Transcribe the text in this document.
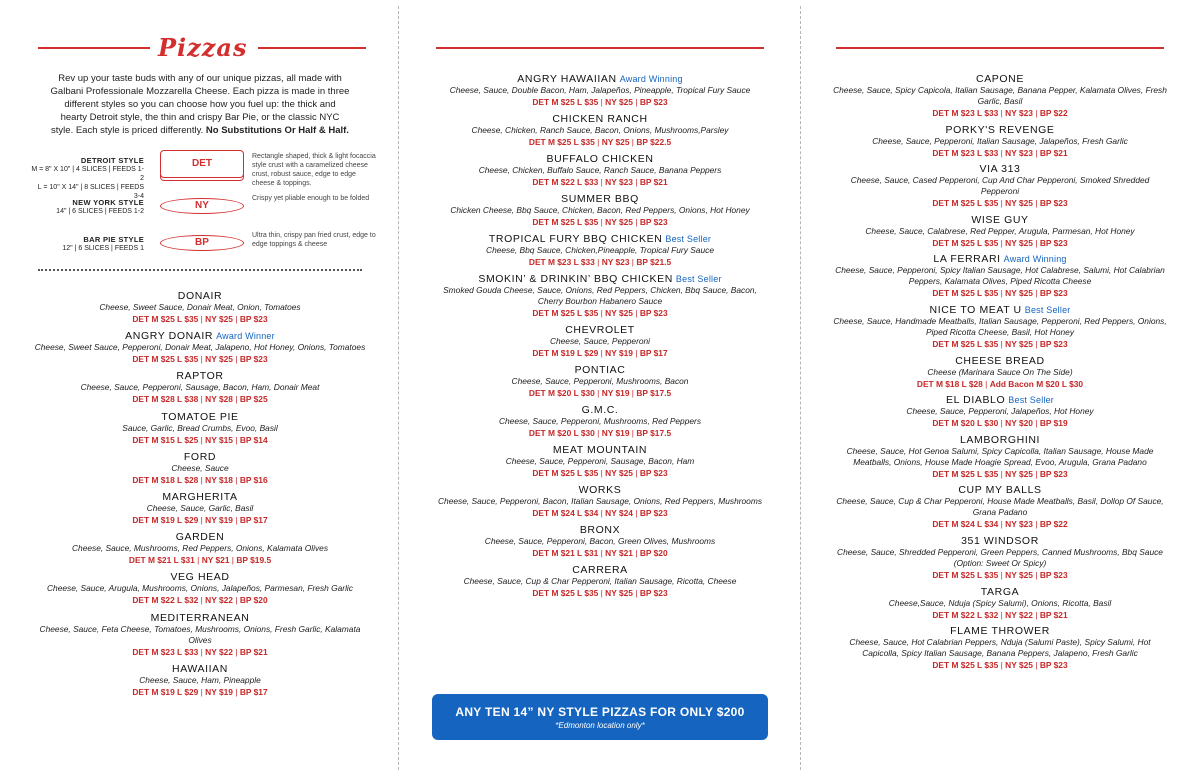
Pizzas
Rev up your taste buds with any of our unique pizzas, all made with Galbani Professionale Mozzarella Cheese. Each pizza is made in three different styles so you can choose how you fuel up: the thick and hearty Detroit style, the thin and crispy Bar Pie, or the classic NYC style. Each style is priced differently. No Substitutions Or Half & Half.
DETROIT STYLE
M = 8" X 10" | 4 SLICES | FEEDS 1-2
L = 10" X 14" | 8 SLICES | FEEDS 3-4
DET
Rectangle shaped, thick & light focaccia style crust with a caramelized cheese crust, robust sauce, edge to edge cheese & toppings.
NEW YORK STYLE
14" | 6 SLICES | FEEDS 1-2
NY
Crispy yet pliable enough to be folded
BAR PIE STYLE
12" | 6 SLICES | FEEDS 1
BP
Ultra thin, crispy pan fried crust, edge to edge toppings & cheese
DONAIR
Cheese, Sweet Sauce, Donair Meat, Onion, Tomatoes
DET M $25 L $35 | NY $25 | BP $23
ANGRY DONAIR Award Winner
Cheese, Sweet Sauce, Pepperoni, Donair Meat, Jalapeno, Hot Honey, Onions, Tomatoes
DET M $25 L $35 | NY $25 | BP $23
RAPTOR
Cheese, Sauce, Pepperoni, Sausage, Bacon, Ham, Donair Meat
DET M $28 L $38 | NY $28 | BP $25
TOMATOE PIE
Sauce, Garlic, Bread Crumbs, Evoo, Basil
DET M $15 L $25 | NY $15 | BP $14
FORD
Cheese, Sauce
DET M $18 L $28 | NY $18 | BP $16
MARGHERITA
Cheese, Sauce, Garlic, Basil
DET M $19 L $29 | NY $19 | BP $17
GARDEN
Cheese, Sauce, Mushrooms, Red Peppers, Onions, Kalamata Olives
DET M $21 L $31 | NY $21 | BP $19.5
VEG HEAD
Cheese, Sauce, Arugula, Mushrooms, Onions, Jalapeños, Parmesan, Fresh Garlic
DET M $22 L $32 | NY $22 | BP $20
MEDITERRANEAN
Cheese, Sauce, Feta Cheese, Tomatoes, Mushrooms, Onions, Fresh Garlic, Kalamata Olives
DET M $23 L $33 | NY $22 | BP $21
HAWAIIAN
Cheese, Sauce, Ham, Pineapple
DET M $19 L $29 | NY $19 | BP $17
ANGRY HAWAIIAN Award Winning
Cheese, Sauce, Double Bacon, Ham, Jalapeños, Pineapple, Tropical Fury Sauce
DET M $25 L $35 | NY $25 | BP $23
CHICKEN RANCH
Cheese, Chicken, Ranch Sauce, Bacon, Onions, Mushrooms,Parsley
DET M $25 L $35 | NY $25 | BP $22.5
BUFFALO CHICKEN
Cheese, Chicken, Buffalo Sauce, Ranch Sauce, Banana Peppers
DET M $22 L $33 | NY $23 | BP $21
SUMMER BBQ
Chicken Cheese, Bbq Sauce, Chicken, Bacon, Red Peppers, Onions, Hot Honey
DET M $25 L $35 | NY $25 | BP $23
TROPICAL FURY BBQ CHICKEN Best Seller
Cheese, Bbq Sauce, Chicken,Pineapple, Tropical Fury Sauce
DET M $23 L $33 | NY $23 | BP $21.5
SMOKIN’ & DRINKIN’ BBQ CHICKEN Best Seller
Smoked Gouda Cheese, Sauce, Onions, Red Peppers, Chicken, Bbq Sauce, Bacon, Cherry Bourbon Habanero Sauce
DET M $25 L $35 | NY $25 | BP $23
CHEVROLET
Cheese, Sauce, Pepperoni
DET M $19 L $29 | NY $19 | BP $17
PONTIAC
Cheese, Sauce, Pepperoni, Mushrooms, Bacon
DET M $20 L $30 | NY $19 | BP $17.5
G.M.C.
Cheese, Sauce, Pepperoni, Mushrooms, Red Peppers
DET M $20 L $30 | NY $19 | BP $17.5
MEAT MOUNTAIN
Cheese, Sauce, Pepperoni, Sausage, Bacon, Ham
DET M $25 L $35 | NY $25 | BP $23
WORKS
Cheese, Sauce, Pepperoni, Bacon, Italian Sausage, Onions, Red Peppers, Mushrooms
DET M $24 L $34 | NY $24 | BP $23
BRONX
Cheese, Sauce, Pepperoni, Bacon, Green Olives, Mushrooms
DET M $21 L $31 | NY $21 | BP $20
CARRERA
Cheese, Sauce, Cup & Char Pepperoni, Italian Sausage, Ricotta, Cheese
DET M $25 L $35 | NY $25 | BP $23
ANY TEN 14” NY STYLE PIZZAS FOR ONLY $200
*Edmonton location only*
CAPONE
Cheese, Sauce, Spicy Capicola, Italian Sausage, Banana Pepper, Kalamata Olives, Fresh Garlic, Basil
DET M $23 L $33 | NY $23 | BP $22
PORKY'S REVENGE
Cheese, Sauce, Pepperoni, Italian Sausage, Jalapeños, Fresh Garlic
DET M $23 L $33 | NY $23 | BP $21
VIA 313
Cheese, Sauce, Cased Pepperoni, Cup And Char Pepperoni, Smoked Shredded Pepperoni
DET M $25 L $35 | NY $25 | BP $23
WISE GUY
Cheese, Sauce, Calabrese, Red Pepper, Arugula, Parmesan, Hot Honey
DET M $25 L $35 | NY $25 | BP $23
LA FERRARI Award Winning
Cheese, Sauce, Pepperoni, Spicy Italian Sausage, Hot Calabrese, Salumi, Hot Calabrian Peppers, Kalamata Olives, Piped Ricotta Cheese
DET M $25 L $35 | NY $25 | BP $23
NICE TO MEAT U Best Seller
Cheese, Sauce, Handmade Meatballs, Italian Sausage, Pepperoni, Red Peppers, Onions, Piped Ricotta Cheese, Basil, Hot Honey
DET M $25 L $35 | NY $25 | BP $23
CHEESE BREAD
Cheese (Marinara Sauce On The Side)
DET M $18 L $28 | Add Bacon M $20 L $30
EL DIABLO Best Seller
Cheese, Sauce, Pepperoni, Jalapeños, Hot Honey
DET M $20 L $30 | NY $20 | BP $19
LAMBORGHINI
Cheese, Sauce, Hot Genoa Salumi, Spicy Capicolla, Italian Sausage, House Made Meatballs, Onions, House Made Hoagie Spread, Evoo, Arugula, Grana Padano
DET M $25 L $35 | NY $25 | BP $23
CUP MY BALLS
Cheese, Sauce, Cup & Char Pepperoni, House Made Meatballs, Basil, Dollop Of Sauce, Grana Padano
DET M $24 L $34 | NY $23 | BP $22
351 WINDSOR
Cheese, Sauce, Shredded Pepperoni, Green Peppers, Canned Mushrooms, Bbq Sauce (Option: Sweet Or Spicy)
DET M $25 L $35 | NY $25 | BP $23
TARGA
Cheese,Sauce, Nduja (Spicy Salumi), Onions, Ricotta, Basil
DET M $22 L $32 | NY $22 | BP $21
FLAME THROWER
Cheese, Sauce, Hot Calabrian Peppers, Nduja (Salumi Paste), Spicy Salumi, Hot Capicolla, Spicy Italian Sausage, Banana Peppers, Jalapeno, Fresh Garlic
DET M $25 L $35 | NY $25 | BP $23
